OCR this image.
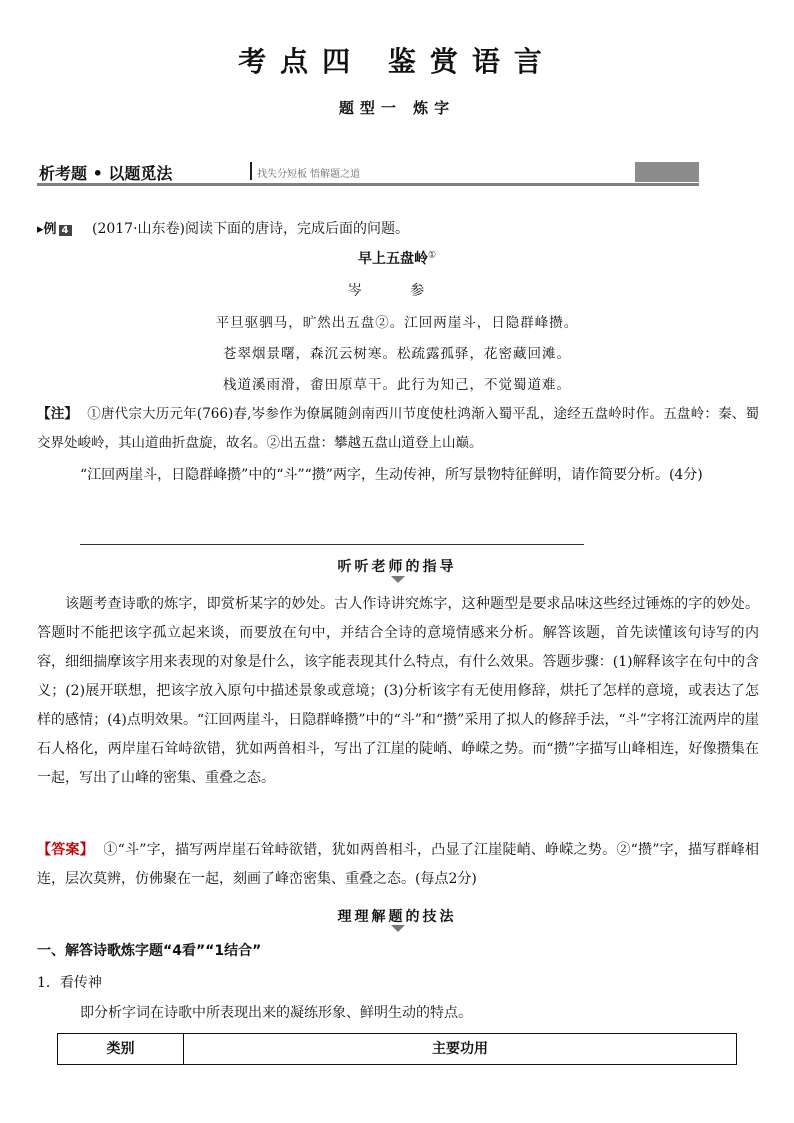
考点四 鉴赏语言
题型一 炼字
析考题 • 以题觅法	找失分短板 悟解题之道
▸例 4 (2017·山东卷)阅读下面的唐诗，完成后面的问题。
早上五盘岭①
岑 参
平旦驱驷马，旷然出五盘②。江回两崖斗，日隐群峰攒。
苍翠烟景曙，森沉云树寒。松疏露孤驿，花密藏回滩。
栈道溪雨滑，畬田原草干。此行为知己，不觉蜀道难。
【注】 ①唐代宗大历元年(766)春,岑参作为僚属随剑南西川节度使杜鸿渐入蜀平乱，途经五盘岭时作。五盘岭：秦、蜀交界处峻岭，其山道曲折盘旋，故名。②出五盘：攀越五盘山道登上山巅。
“江回两崖斗，日隐群峰攒”中的“斗”“攒”两字，生动传神，所写景物特征鲜明，请作简要分析。(4分)
听听老师的指导
该题考查诗歌的炼字，即赏析某字的妙处。古人作诗讲究炼字，这种题型是要求品味这些经过锤炼的字的妙处。答题时不能把该字孤立起来谈，而要放在句中，并结合全诗的意境情感来分析。解答该题，首先读懂该句诗写的内容，细细揣摩该字用来表现的对象是什么，该字能表现其什么特点，有什么效果。答题步骤：(1)解释该字在句中的含义；(2)展开联想，把该字放入原句中描述景象或意境；(3)分析该字有无使用修辞，烘托了怎样的意境，或表达了怎样的感情；(4)点明效果。“江回两崖斗，日隐群峰攒”中的“斗”和“攒”采用了拟人的修辞手法，“斗”字将江流两岸的崖石人格化，两岸崖石耸峙欲错，犹如两兽相斗，写出了江崖的陡峭、峥嵘之势。而“攒”字描写山峰相连，好像攒集在一起，写出了山峰的密集、重叠之态。
【答案】 ①“斗”字，描写两岸崖石耸峙欲错，犹如两兽相斗，凸显了江崖陡峭、峥嵘之势。②“攒”字，描写群峰相连，层次莫辨，仿佛聚在一起，刻画了峰峦密集、重叠之态。(每点2分)
理理解题的技法
一、解答诗歌炼字题“4看”“1结合”
1．看传神
即分析字词在诗歌中所表现出来的凝练形象、鲜明生动的特点。
类别	主要功用
